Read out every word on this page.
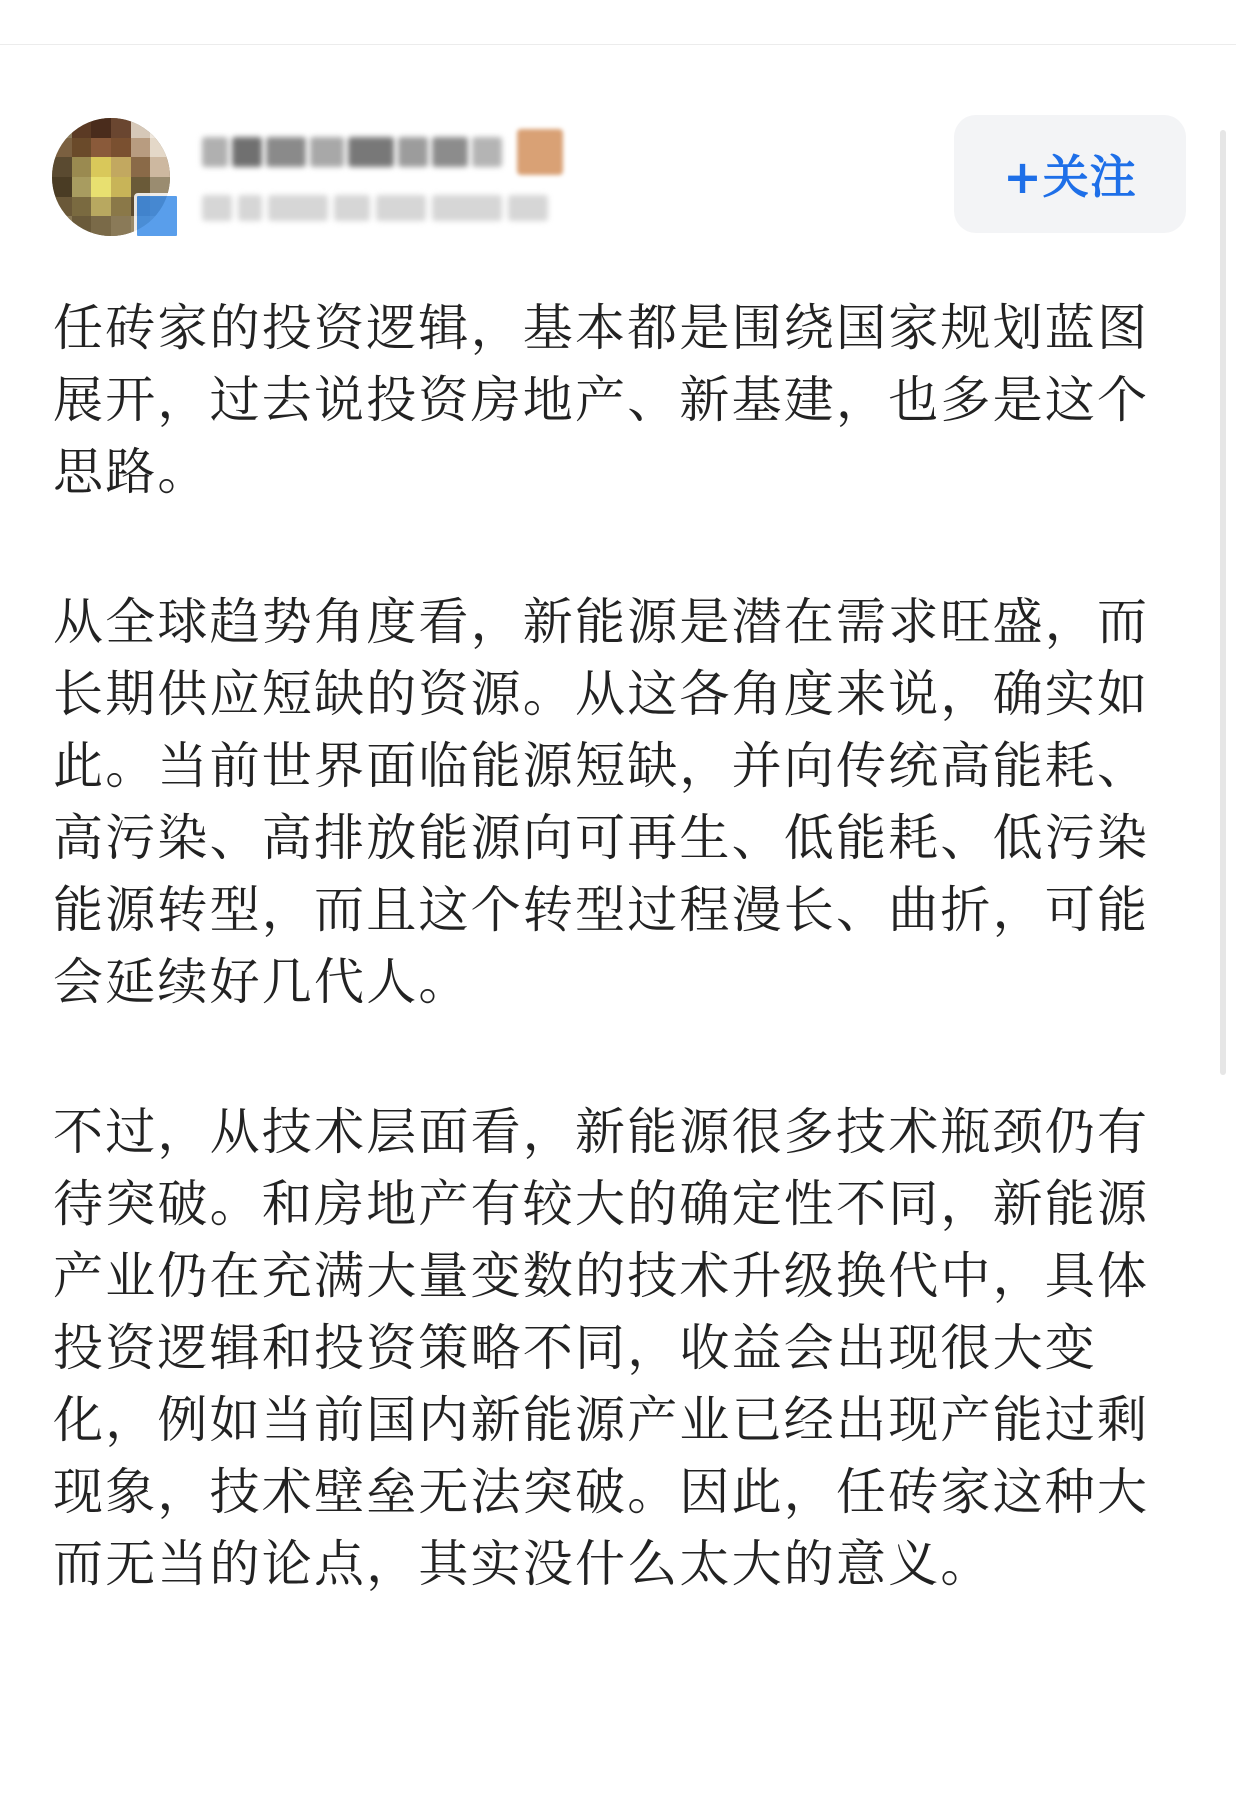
+关注

任砖家的投资逻辑，基本都是围绕国家规划蓝图展开，过去说投资房地产、新基建，也多是这个思路。

从全球趋势角度看，新能源是潜在需求旺盛，而长期供应短缺的资源。从这各角度来说，确实如此。当前世界面临能源短缺，并向传统高能耗、高污染、高排放能源向可再生、低能耗、低污染能源转型，而且这个转型过程漫长、曲折，可能会延续好几代人。

不过，从技术层面看，新能源很多技术瓶颈仍有待突破。和房地产有较大的确定性不同，新能源产业仍在充满大量变数的技术升级换代中，具体投资逻辑和投资策略不同，收益会出现很大变化，例如当前国内新能源产业已经出现产能过剩现象，技术壁垒无法突破。因此，任砖家这种大而无当的论点，其实没什么太大的意义。
